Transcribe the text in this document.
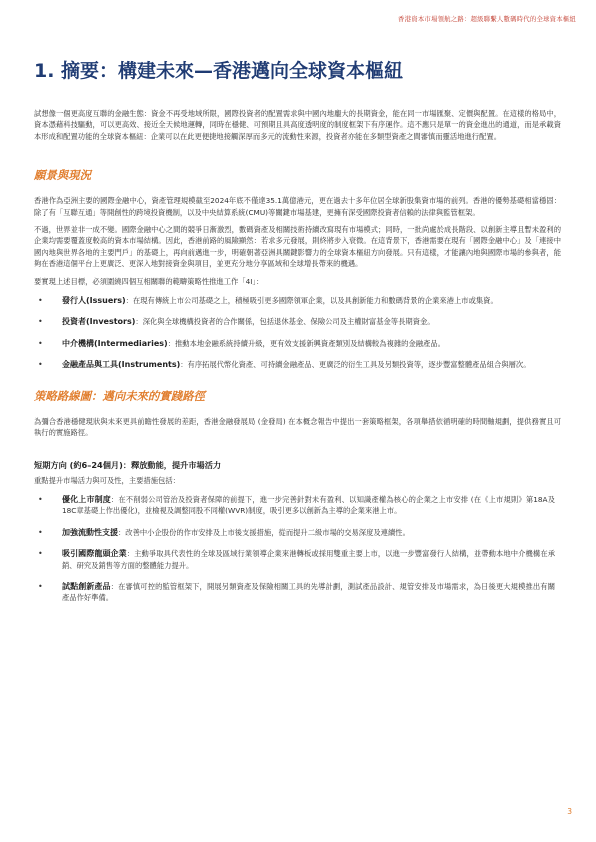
香港資本市場領航之路：超級聯繫人數碼時代的全球資本樞紐
1. 摘要：構建未來—香港邁向全球資本樞紐

試想像一個更高度互聯的金融生態：資金不再受地域所限，國際投資者的配置需求與中國內地龐大的長期資金，能在同一市場匯聚、定價與配置。在這樣的格局中，資本憑藉科技驅動，可以更高效、接近全天候地運轉，同時在穩健、可預期且具高度透明度的制度框架下有序運作。這不應只是單一的資金進出的通道，而是承載資本形成和配置功能的全球資本樞紐：企業可以在此更便捷地接觸深厚而多元的流動性來源，投資者亦能在多類型資產之間審慎而靈活地進行配置。

願景與現況

香港作為亞洲主要的國際金融中心，資產管理規模截至2024年底不僅達35.1萬億港元，更在過去十多年位居全球新股集資市場的前列。香港的優勢基礎相當穩固：除了有「互聯互通」等開創性的跨境投資機制，以及中央結算系統(CMU)等關鍵市場基建，更擁有深受國際投資者信賴的法律與監管框架。

不過，世界並非一成不變。國際金融中心之間的競爭日漸激烈，數碼資產及相關技術持續改寫現有市場模式；同時，一批尚處於成長階段、以創新主導且暫未盈利的企業均需要覆蓋度較高的資本市場結構。因此，香港前路的風險顯然：若求多元發展，則終將步入衰微。在這背景下，香港需要在現有「國際金融中心」及「連接中國內地與世界各地的主要門戶」的基礎上，再向前邁進一步，明確朝著亞洲具關鍵影響力的全球資本樞紐方向發展。只有這樣，才能讓內地與國際市場的參與者，能夠在香港這個平台上更廣泛、更深入地對接資金與項目，並更充分地分享區域和全球增長帶來的機遇。

要實現上述目標，必須圍繞四個互相關聯的範疇策略性推進工作「4I」：

• 發行人(Issuers)：在現有傳統上市公司基礎之上，積極吸引更多國際領軍企業，以及具創新能力和數碼背景的企業來港上市或集資。
• 投資者(Investors)：深化與全球機構投資者的合作關係，包括退休基金、保險公司及主權財富基金等長期資金。
• 中介機構(Intermediaries)：推動本地金融系統持續升級，更有效支援新興資產類別及結構較為複雜的金融產品。
• 金融產品與工具(Instruments)：有序拓展代幣化資產、可持續金融產品、更廣泛的衍生工具及另類投資等，逐步豐富整體產品組合與層次。
策略路線圖：邁向未來的實踐路徑

為彌合香港穩健現狀與未來更具前瞻性發展的差距，香港金融發展局 (金發局) 在本概念報告中提出一套策略框架，各項舉措依循明確的時間軸規劃，提供務實且可執行的實施路徑。

短期方向 (約6–24個月)：釋放動能，提升市場活力

重點提升市場活力與可及性，主要措施包括：

• 優化上市制度：在不削弱公司管治及投資者保障的前提下，進一步完善針對未有盈利、以知識產權為核心的企業之上市安排 (在《上市規則》第18A及18C章基礎上作出優化)，並檢視及調整同股不同權(WVR)制度，吸引更多以創新為主導的企業來港上市。
• 加強流動性支援：改善中小企股份的作市安排及上市後支援措施，從而提升二級市場的交易深度及連續性。
• 吸引國際龍頭企業：主動爭取具代表性的全球及區域行業領導企業來港轉板或採用雙重主要上市，以進一步豐富發行人結構，並帶動本地中介機構在承銷、研究及銷售等方面的整體能力提升。
• 試點創新產品：在審慎可控的監管框架下，開展另類資產及保險相關工具的先導計劃，測試產品設計、規管安排及市場需求，為日後更大規模推出有關產品作好準備。
3
